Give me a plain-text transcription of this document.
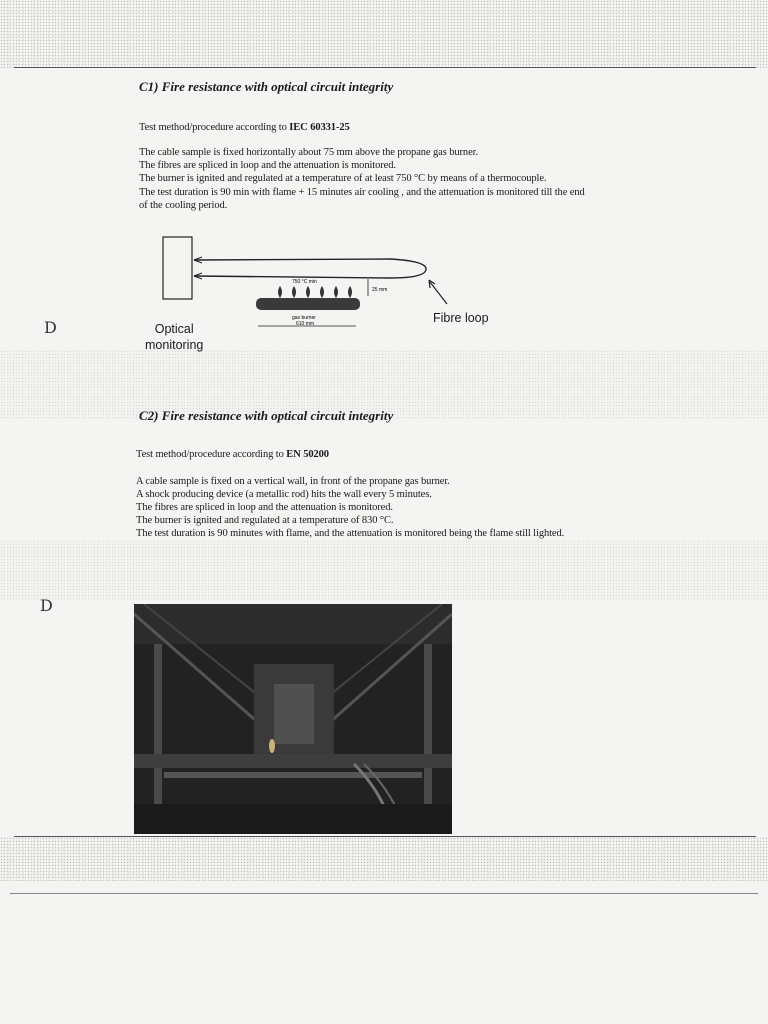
D
D
C1) Fire resistance with optical circuit integrity
Test method/procedure according to IEC 60331-25
The cable sample is fixed horizontally about 75 mm above the propane gas burner.
The fibres are spliced in loop and the attenuation is monitored.
The burner is ignited and regulated at a temperature of at least 750 °C by means of a thermocouple.
The test duration is 90 min with flame + 15 minutes air cooling , and the attenuation is monitored till the end
of the cooling period.
750 °C min
25 mm
gas burner
610 mm
Optical
monitoring
Fibre loop
C2) Fire resistance with optical circuit integrity
Test method/procedure according to EN 50200
A cable sample is fixed on a vertical wall, in front of the propane gas burner.
A shock producing device (a metallic rod) hits the wall every 5 minutes.
The fibres are spliced in loop and the attenuation is monitored.
The burner is ignited and regulated at a temperature of 830 °C.
The test duration is 90 minutes with flame, and the attenuation is monitored being the flame still lighted.
